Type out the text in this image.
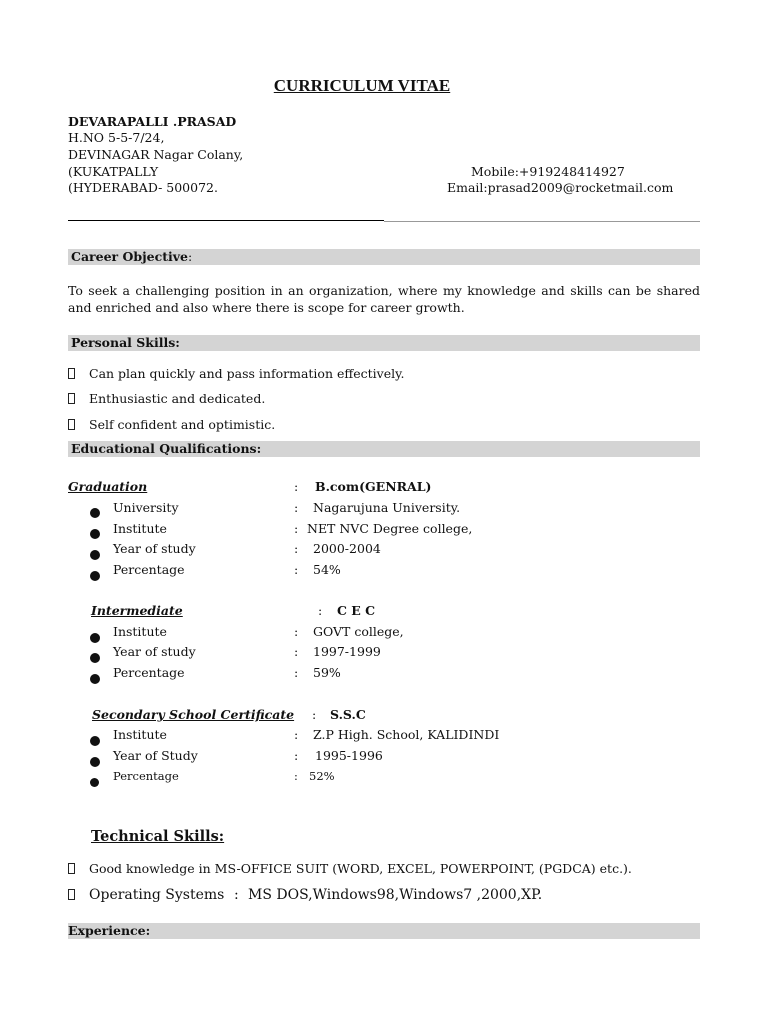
CURRICULUM VITAE
DEVARAPALLI .PRASAD
H.NO 5-5-7/24,
DEVINAGAR Nagar Colany,
(KUKATPALLY
(HYDERABAD- 500072.
Mobile:+919248414927
Email:prasad2009@rocketmail.com
Career Objective:
To seek a challenging position in an organization, where my knowledge and skills can be shared and enriched and also where there is scope for career growth.
Personal Skills:
Can plan quickly and pass information effectively.
Enthusiastic and dedicated.
Self confident and optimistic.
Educational Qualifications:
Graduation	: B.com(GENRAL)
University	: Nagarujuna University.
Institute	: NET NVC Degree college,
Year of study	: 2000-2004
Percentage	: 54%
Intermediate	: C E C
Institute	: GOVT college,
Year of study	: 1997-1999
Percentage	: 59%
Secondary School Certificate : S.S.C
Institute	: Z.P High. School, KALIDINDI
Year of Study	: 1995-1996
Percentage	: 52%
Technical Skills:
Good knowledge in MS-OFFICE SUIT (WORD, EXCEL, POWERPOINT, (PGDCA) etc.).
Operating Systems : MS DOS,Windows98,Windows7 ,2000,XP.
Experience:
